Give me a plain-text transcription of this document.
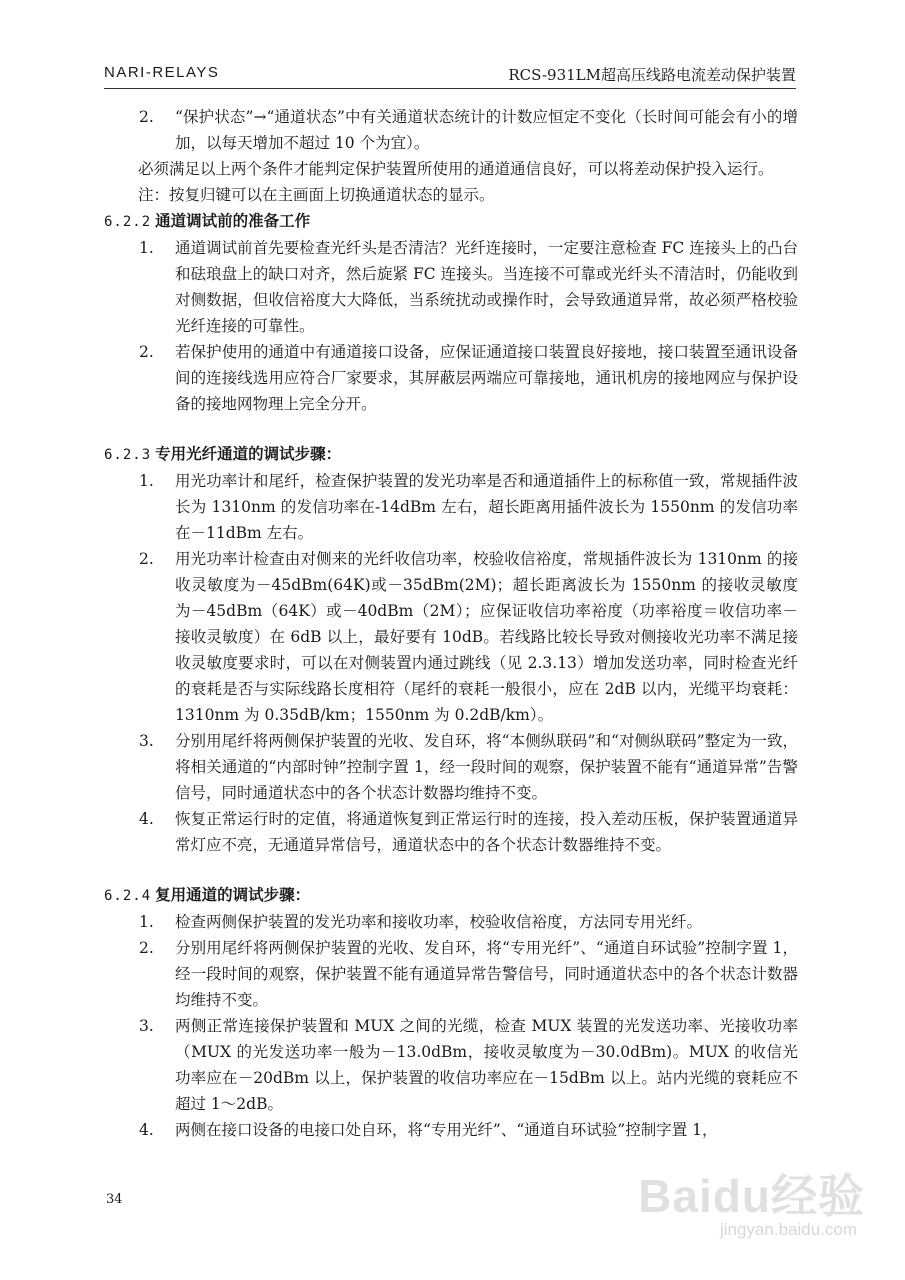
NARI-RELAYS	RCS-931LM超高压线路电流差动保护装置
2.	“保护状态”→“通道状态”中有关通道状态统计的计数应恒定不变化（长时间可能会有小的增加，以每天增加不超过 10 个为宜）。

必须满足以上两个条件才能判定保护装置所使用的通道通信良好，可以将差动保护投入运行。

注：按复归键可以在主画面上切换通道状态的显示。

6.2.2 通道调试前的准备工作
1.	通道调试前首先要检查光纤头是否清洁？光纤连接时，一定要注意检查 FC 连接头上的凸台和砝琅盘上的缺口对齐，然后旋紧 FC 连接头。当连接不可靠或光纤头不清洁时，仍能收到对侧数据，但收信裕度大大降低，当系统扰动或操作时，会导致通道异常，故必须严格校验光纤连接的可靠性。
2.	若保护使用的通道中有通道接口设备，应保证通道接口装置良好接地，接口装置至通讯设备间的连接线选用应符合厂家要求，其屏蔽层两端应可靠接地，通讯机房的接地网应与保护设备的接地网物理上完全分开。
6.2.3 专用光纤通道的调试步骤：
1.	用光功率计和尾纤，检查保护装置的发光功率是否和通道插件上的标称值一致，常规插件波长为 1310nm 的发信功率在-14dBm 左右，超长距离用插件波长为 1550nm 的发信功率在－11dBm 左右。
2.	用光功率计检查由对侧来的光纤收信功率，校验收信裕度，常规插件波长为 1310nm 的接收灵敏度为－45dBm(64K)或－35dBm(2M)；超长距离波长为 1550nm 的接收灵敏度为－45dBm（64K）或－40dBm（2M）；应保证收信功率裕度（功率裕度＝收信功率－接收灵敏度）在 6dB 以上，最好要有 10dB。若线路比较长导致对侧接收光功率不满足接收灵敏度要求时，可以在对侧装置内通过跳线（见 2.3.13）增加发送功率，同时检查光纤的衰耗是否与实际线路长度相符（尾纤的衰耗一般很小，应在 2dB 以内，光缆平均衰耗：1310nm 为 0.35dB/km；1550nm 为 0.2dB/km）。
3.	分别用尾纤将两侧保护装置的光收、发自环，将“本侧纵联码”和“对侧纵联码”整定为一致，将相关通道的“内部时钟”控制字置 1，经一段时间的观察，保护装置不能有“通道异常”告警信号，同时通道状态中的各个状态计数器均维持不变。
4.	恢复正常运行时的定值，将通道恢复到正常运行时的连接，投入差动压板，保护装置通道异常灯应不亮，无通道异常信号，通道状态中的各个状态计数器维持不变。
6.2.4 复用通道的调试步骤：
1.	检查两侧保护装置的发光功率和接收功率，校验收信裕度，方法同专用光纤。
2.	分别用尾纤将两侧保护装置的光收、发自环，将“专用光纤”、“通道自环试验”控制字置 1，经一段时间的观察，保护装置不能有通道异常告警信号，同时通道状态中的各个状态计数器均维持不变。
3.	两侧正常连接保护装置和 MUX 之间的光缆，检查 MUX 装置的光发送功率、光接收功率（MUX 的光发送功率一般为－13.0dBm，接收灵敏度为－30.0dBm)。MUX 的收信光功率应在－20dBm 以上，保护装置的收信功率应在－15dBm 以上。站内光缆的衰耗应不超过 1～2dB。
4.	两侧在接口设备的电接口处自环，将“专用光纤”、“通道自环试验”控制字置 1，
34	Baidu经验
jingyan.baidu.com
